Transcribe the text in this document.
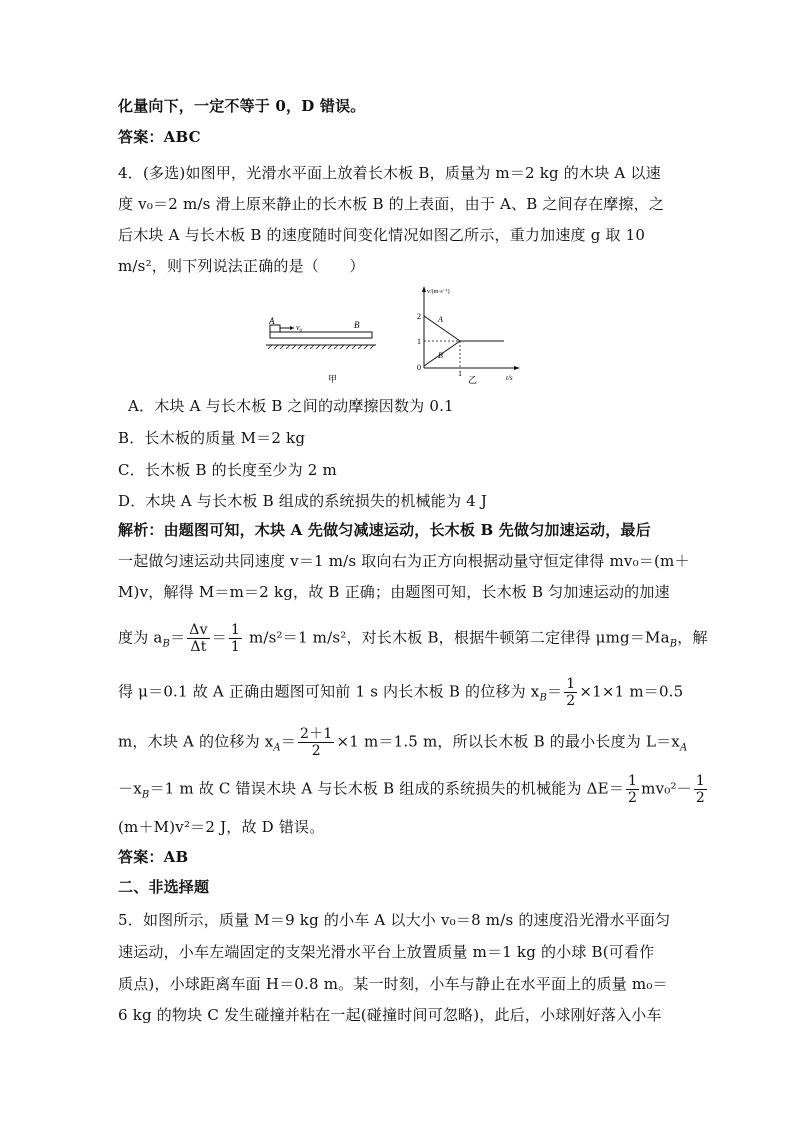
化量向下，一定不等于 0，D 错误。
答案：ABC
4．(多选)如图甲，光滑水平面上放着长木板 B，质量为 m＝2 kg 的木块 A 以速
度 v₀＝2 m/s 滑上原来静止的长木板 B 的上表面，由于 A、B 之间存在摩擦，之
后木块 A 与长木板 B 的速度随时间变化情况如图乙所示，重力加速度 g 取 10
m/s²，则下列说法正确的是（　　）
A
v₀	B
甲
v/(m·s⁻¹)
2
1
0
1	t/s
A
B
乙
A．木块 A 与长木板 B 之间的动摩擦因数为 0.1
B．长木板的质量 M＝2 kg
C．长木板 B 的长度至少为 2 m
D．木块 A 与长木板 B 组成的系统损失的机械能为 4 J
解析：由题图可知，木块 A 先做匀减速运动，长木板 B 先做匀加速运动，最后
一起做匀速运动共同速度 v＝1 m/s 取向右为正方向根据动量守恒定律得 mv₀＝(m＋
M)v，解得 M＝m＝2 kg，故 B 正确；由题图可知，长木板 B 匀加速运动的加速
度为 $a_B= \frac{\Delta v}{\Delta t} = \frac{1}{1} m/s^2=1$ m/s²，对长木板 B，根据牛顿第二定律得 $\mu mg=Ma_B$，解
得 μ＝0.1 故 A 正确由题图可知前 1 s 内长木板 B 的位移为 $x_B= \frac{1}{2} \times 1\times 1$ m＝0.5
m，木块 A 的位移为 $x_A= \frac{2+1}{2} \times 1$ m＝1.5 m，所以长木板 B 的最小长度为 $L=x_A$
$-x_B=1$ m 故 C 错误木块 A 与长木板 B 组成的系统损失的机械能为 $\Delta E= \frac{1}{2} mv_0^2- \frac{1}{2}$
(m＋M)v²＝2 J，故 D 错误。
答案：AB
二、非选择题
5．如图所示，质量 M＝9 kg 的小车 A 以大小 v₀＝8 m/s 的速度沿光滑水平面匀
速运动，小车左端固定的支架光滑水平台上放置质量 m＝1 kg 的小球 B(可看作
质点)，小球距离车面 H＝0.8 m。某一时刻，小车与静止在水平面上的质量 m₀＝
6 kg 的物块 C 发生碰撞并粘在一起(碰撞时间可忽略)，此后，小球刚好落入小车
